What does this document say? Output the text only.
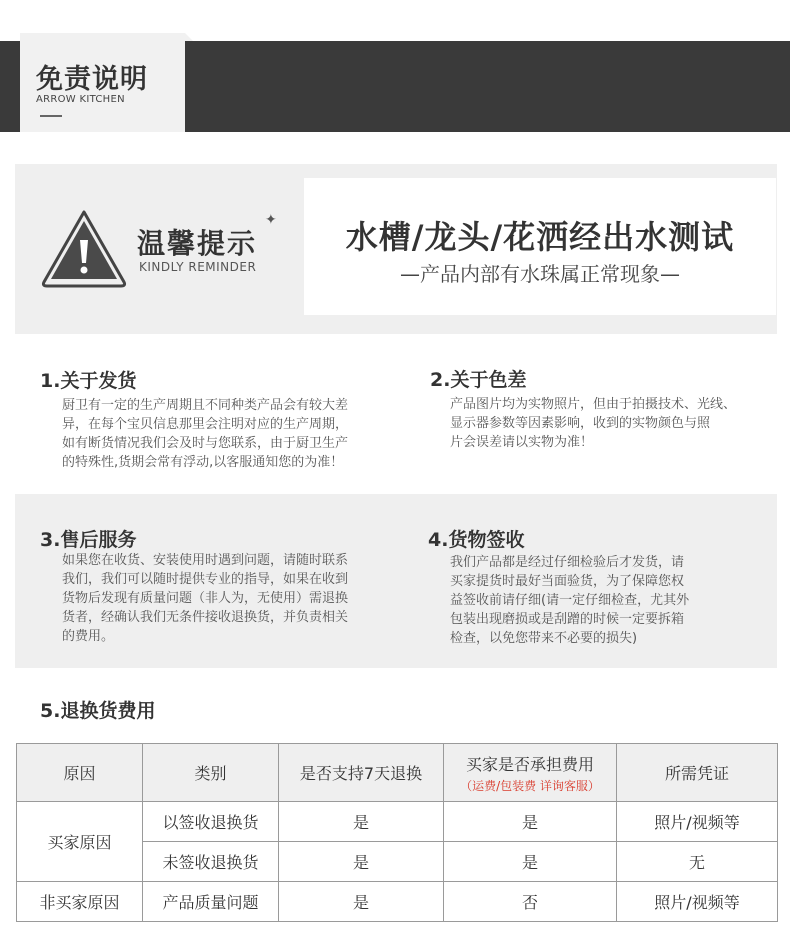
免责说明
ARROW KITCHEN
温馨提示
KINDLY REMINDER
✦	水槽/龙头/花洒经出水测试
—产品内部有水珠属正常现象—
1.关于发货
厨卫有一定的生产周期且不同种类产品会有较大差
异，在每个宝贝信息那里会注明对应的生产周期，
如有断货情况我们会及时与您联系，由于厨卫生产
的特殊性,货期会常有浮动,以客服通知您的为准！
2.关于色差
产品图片均为实物照片，但由于拍摄技术、光线、
显示器参数等因素影响，收到的实物颜色与照
片会误差请以实物为准！
3.售后服务
如果您在收货、安装使用时遇到问题，请随时联系
我们，我们可以随时提供专业的指导，如果在收到
货物后发现有质量问题（非人为，无使用）需退换
货者，经确认我们无条件接收退换货，并负责相关
的费用。
4.货物签收
我们产品都是经过仔细检验后才发货，请
买家提货时最好当面验货，为了保障您权
益签收前请仔细(请一定仔细检查，尤其外
包装出现磨损或是刮蹭的时候一定要拆箱
检查，以免您带来不必要的损失)
5.退换货费用
原因	类别	是否支持7天退换	买家是否承担费用
（运费/包装费 详询客服）	所需凭证
买家原因	以签收退换货	是	是	照片/视频等
	未签收退换货	是	是	无
非买家原因	产品质量问题	是	否	照片/视频等
